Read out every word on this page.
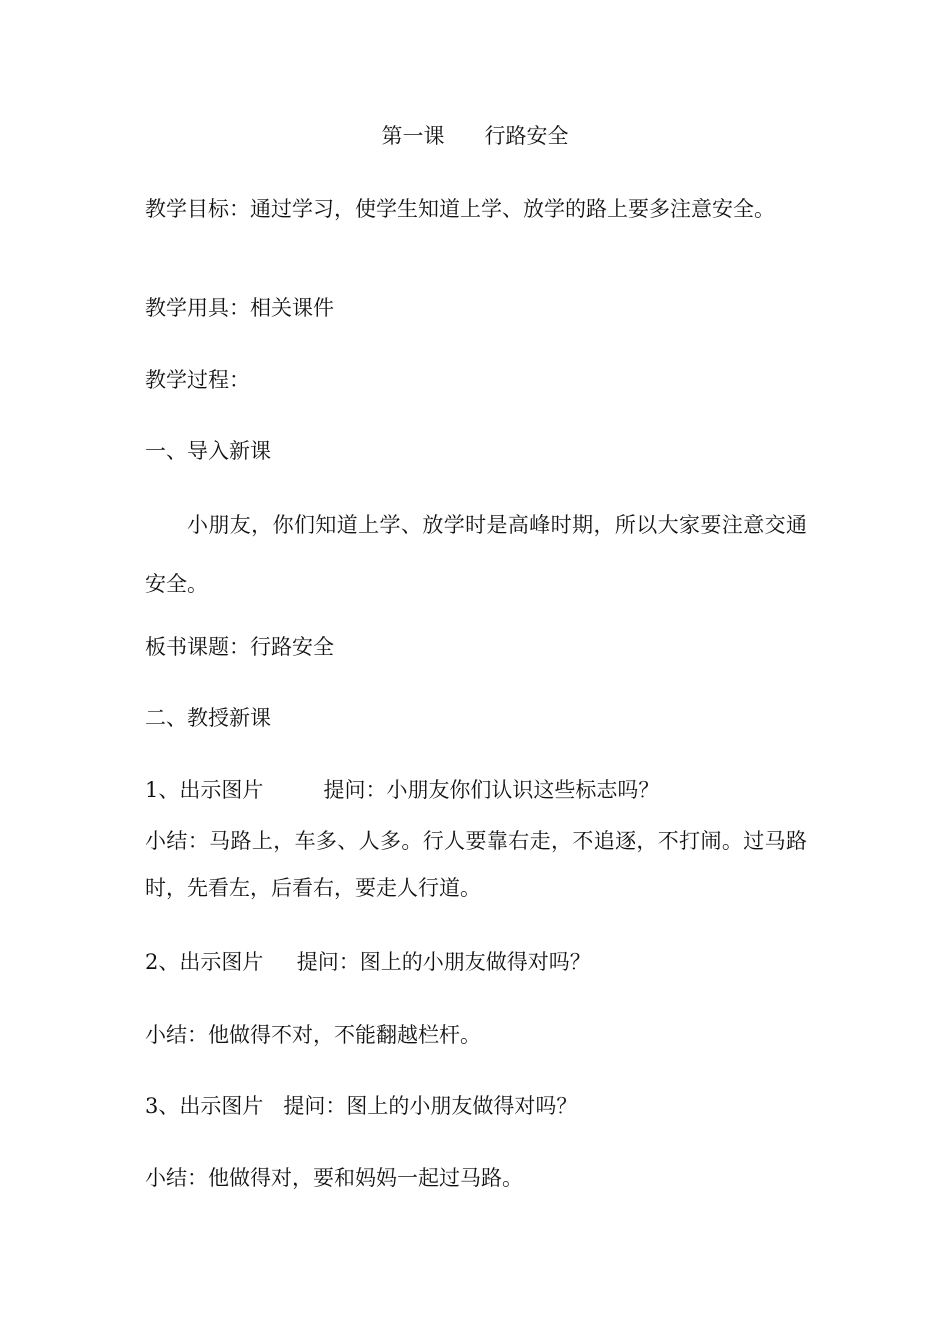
第一课      行路安全
教学目标：通过学习，使学生知道上学、放学的路上要多注意安全。
教学用具：相关课件
教学过程：
一、导入新课
小朋友，你们知道上学、放学时是高峰时期，所以大家要注意交通安全。
板书课题：行路安全
二、教授新课
1、出示图片         提问：小朋友你们认识这些标志吗？
小结：马路上，车多、人多。行人要靠右走，不追逐，不打闹。过马路时，先看左，后看右，要走人行道。
2、出示图片     提问：图上的小朋友做得对吗？
小结：他做得不对，不能翻越栏杆。
3、出示图片   提问：图上的小朋友做得对吗？
小结：他做得对，要和妈妈一起过马路。
